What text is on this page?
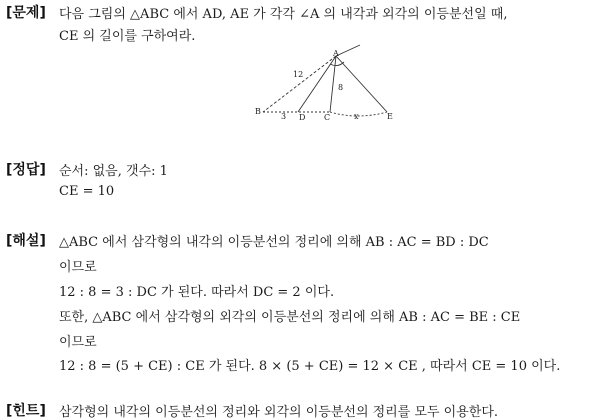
[문제] 다음 그림의 △ABC 에서 AD, AE 가 각각 ∠A 의 내각과 외각의 이등분선일 때,
CE 의 길이를 구하여라.
A
B
D C	E
12
8
3	x
[정답] 순서: 없음, 갯수: 1
CE = 10
[해설] △ABC 에서 삼각형의 내각의 이등분선의 정리에 의해 AB : AC = BD : DC
이므로
12 : 8 = 3 : DC 가 된다. 따라서 DC = 2 이다.
또한, △ABC 에서 삼각형의 외각의 이등분선의 정리에 의해 AB : AC = BE : CE
이므로
12 : 8 = (5 + CE) : CE 가 된다. 8 × (5 + CE) = 12 × CE , 따라서 CE = 10 이다.
[힌트] 삼각형의 내각의 이등분선의 정리와 외각의 이등분선의 정리를 모두 이용한다.
